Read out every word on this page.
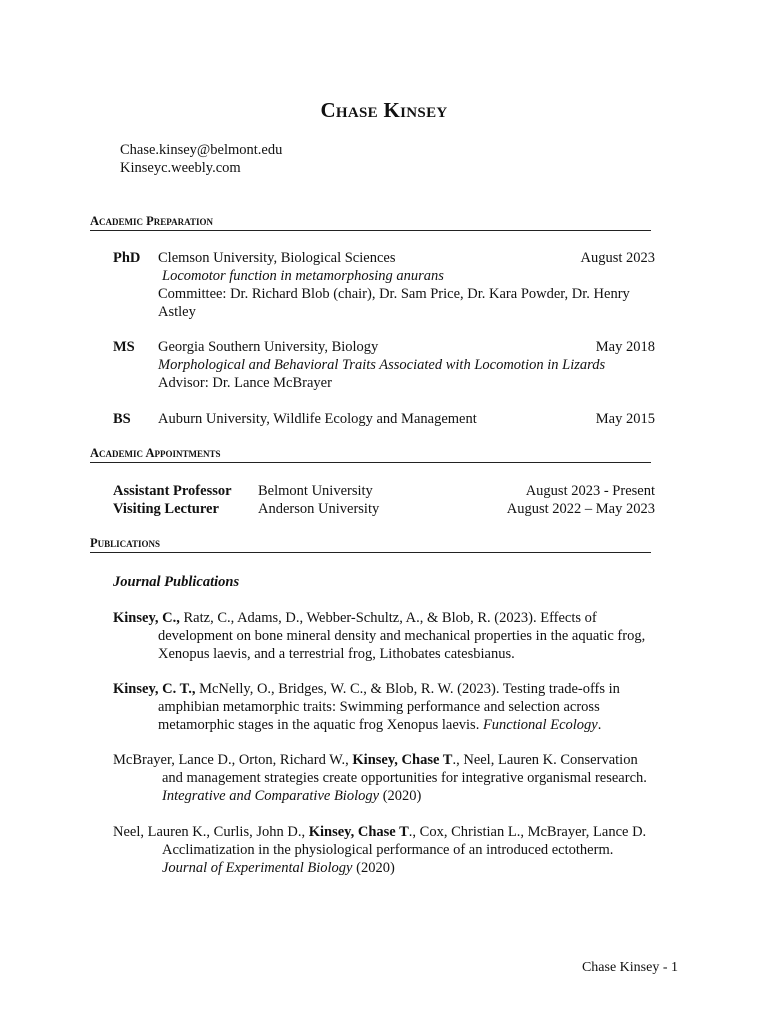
Chase Kinsey
Chase.kinsey@belmont.edu
Kinseyc.weebly.com
Academic Preparation
PhD Clemson University, Biological Sciences	August 2023
Locomotor function in metamorphosing anurans
Committee: Dr. Richard Blob (chair), Dr. Sam Price, Dr. Kara Powder, Dr. Henry Astley
MS Georgia Southern University, Biology	May 2018
Morphological and Behavioral Traits Associated with Locomotion in Lizards
Advisor: Dr. Lance McBrayer
BS Auburn University, Wildlife Ecology and Management	May 2015
Academic Appointments
Assistant Professor Belmont University	August 2023 - Present
Visiting Lecturer	Anderson University	August 2022 – May 2023
Publications
Journal Publications
Kinsey, C., Ratz, C., Adams, D., Webber-Schultz, A., & Blob, R. (2023). Effects of
development on bone mineral density and mechanical properties in the aquatic frog,
Xenopus laevis, and a terrestrial frog, Lithobates catesbianus.
Kinsey, C. T., McNelly, O., Bridges, W. C., & Blob, R. W. (2023). Testing trade-offs in
amphibian metamorphic traits: Swimming performance and selection across
metamorphic stages in the aquatic frog Xenopus laevis. Functional Ecology.
McBrayer, Lance D., Orton, Richard W., Kinsey, Chase T., Neel, Lauren K. Conservation
and management strategies create opportunities for integrative organismal research.
Integrative and Comparative Biology (2020)
Neel, Lauren K., Curlis, John D., Kinsey, Chase T., Cox, Christian L., McBrayer, Lance D.
Acclimatization in the physiological performance of an introduced ectotherm.
Journal of Experimental Biology (2020)
Chase Kinsey - 1
